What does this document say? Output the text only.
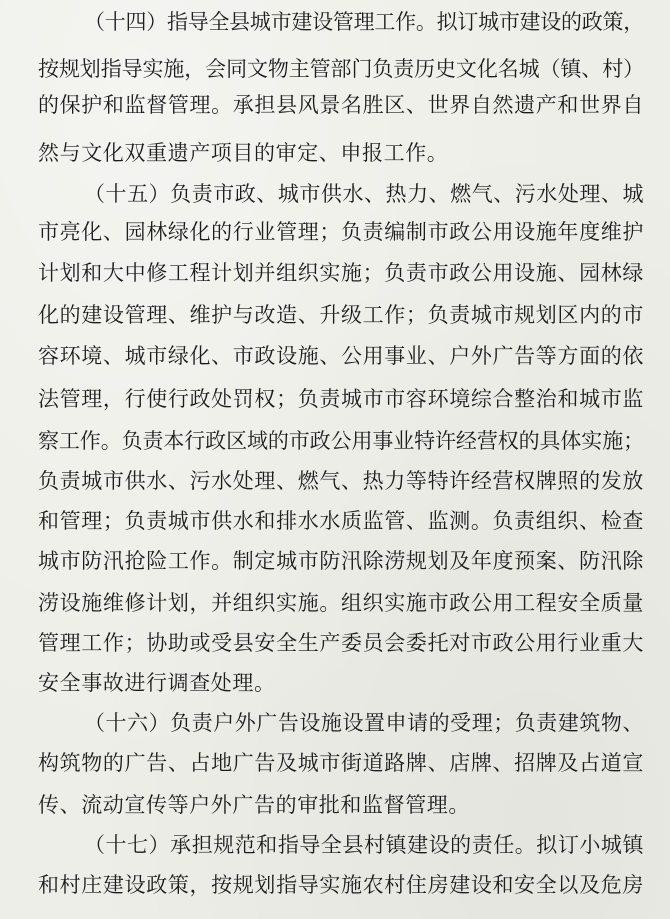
（十四）指导全县城市建设管理工作。拟订城市建设的政策，
按规划指导实施，会同文物主管部门负责历史文化名城（镇、村）
的保护和监督管理。承担县风景名胜区、世界自然遗产和世界自
然与文化双重遗产项目的审定、申报工作。
（十五）负责市政、城市供水、热力、燃气、污水处理、城
市亮化、园林绿化的行业管理；负责编制市政公用设施年度维护
计划和大中修工程计划并组织实施；负责市政公用设施、园林绿
化的建设管理、维护与改造、升级工作；负责城市规划区内的市
容环境、城市绿化、市政设施、公用事业、户外广告等方面的依
法管理，行使行政处罚权；负责城市市容环境综合整治和城市监
察工作。负责本行政区域的市政公用事业特许经营权的具体实施；
负责城市供水、污水处理、燃气、热力等特许经营权牌照的发放
和管理；负责城市供水和排水水质监管、监测。负责组织、检查
城市防汛抢险工作。制定城市防汛除涝规划及年度预案、防汛除
涝设施维修计划，并组织实施。组织实施市政公用工程安全质量
管理工作；协助或受县安全生产委员会委托对市政公用行业重大
安全事故进行调查处理。
（十六）负责户外广告设施设置申请的受理；负责建筑物、
构筑物的广告、占地广告及城市街道路牌、店牌、招牌及占道宣
传、流动宣传等户外广告的审批和监督管理。
（十七）承担规范和指导全县村镇建设的责任。拟订小城镇
和村庄建设政策，按规划指导实施农村住房建设和安全以及危房
